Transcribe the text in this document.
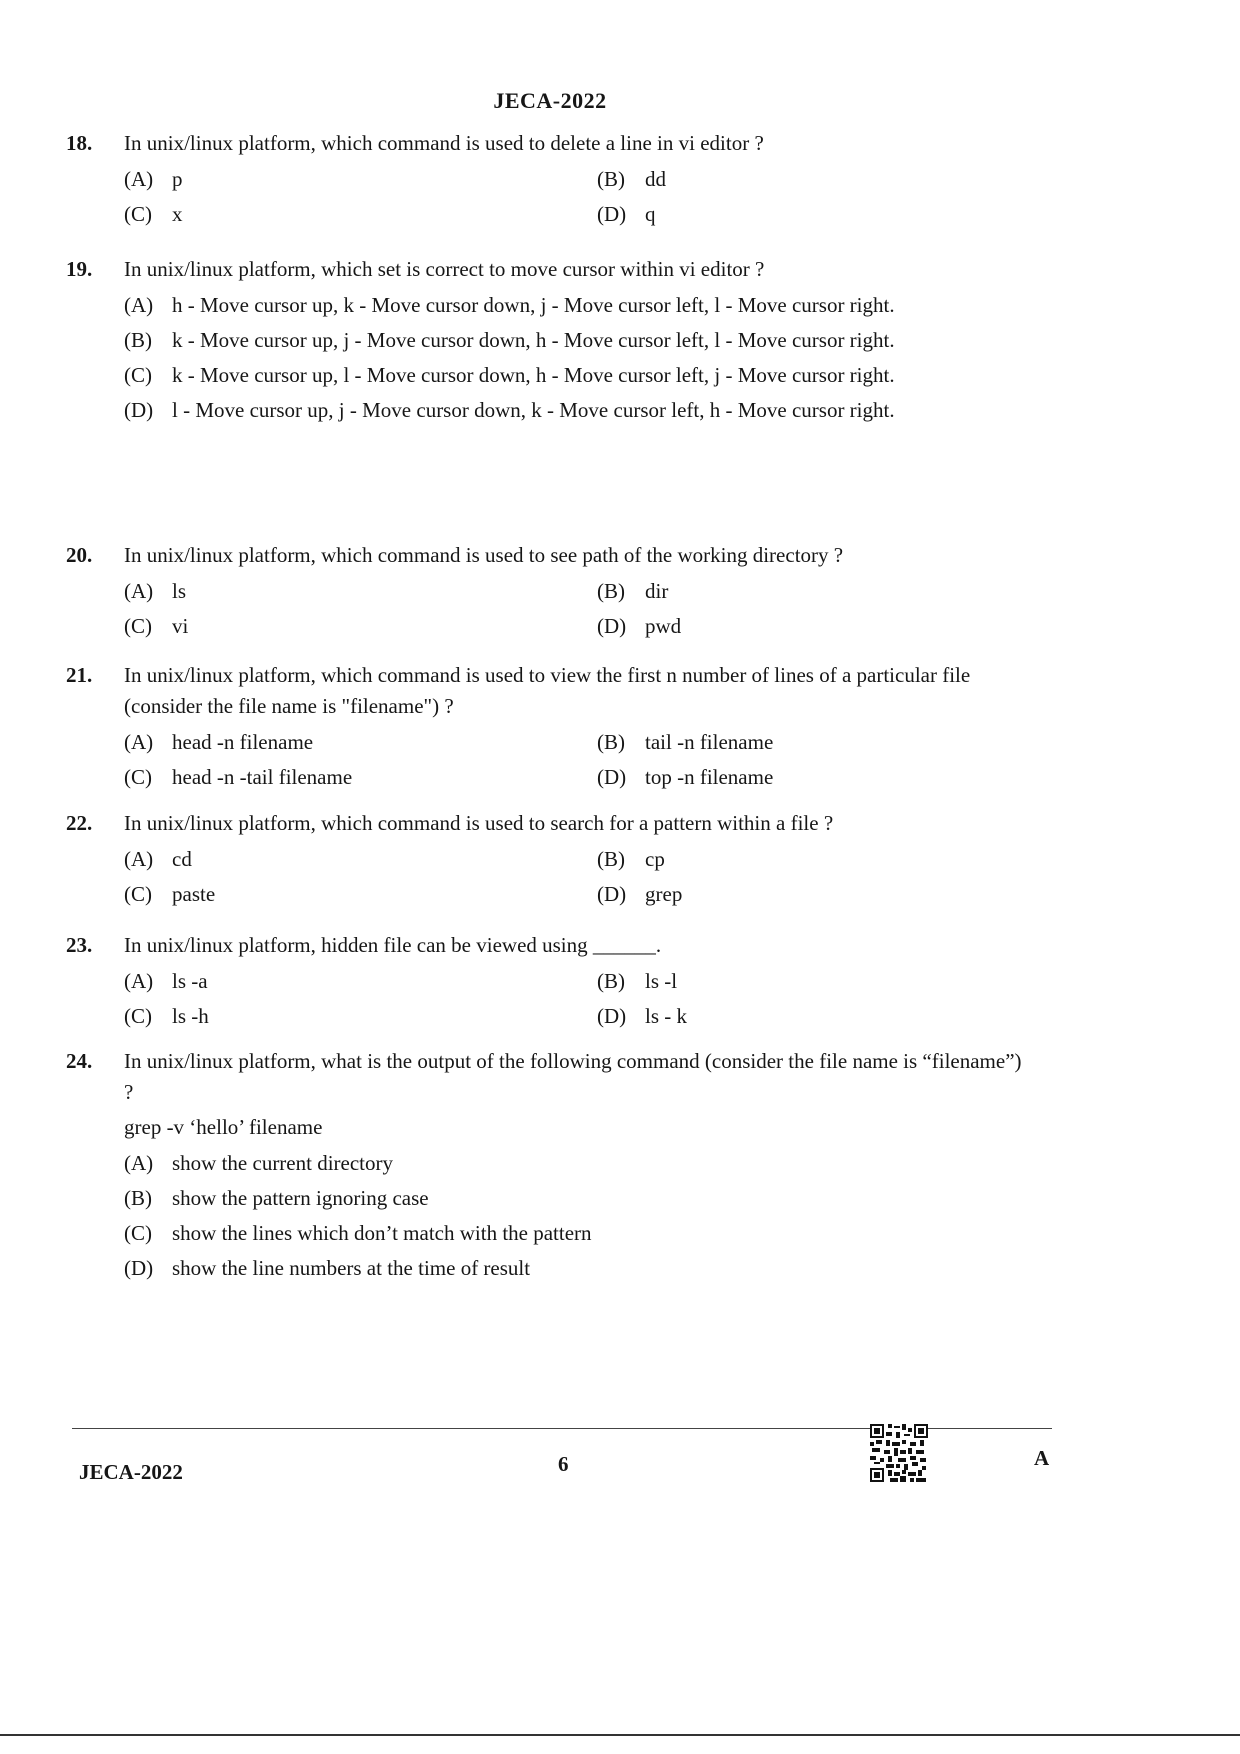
JECA-2022
18. In unix/linux platform, which command is used to delete a line in vi editor ?
(A) p	(B) dd
(C) x	(D) q
19. In unix/linux platform, which set is correct to move cursor within vi editor ?
(A) h - Move cursor up, k - Move cursor down, j - Move cursor left, l - Move cursor right.
(B) k - Move cursor up, j - Move cursor down, h - Move cursor left, l - Move cursor right.
(C) k - Move cursor up, l - Move cursor down, h - Move cursor left, j - Move cursor right.
(D) l - Move cursor up, j - Move cursor down, k - Move cursor left, h - Move cursor right.
20. In unix/linux platform, which command is used to see path of the working directory ?
(A) ls	(B) dir
(C) vi	(D) pwd
21. In unix/linux platform, which command is used to view the first n number of lines of a particular file (consider the file name is "filename") ?
(A) head -n filename	(B) tail -n filename
(C) head -n -tail filename	(D) top -n filename
22. In unix/linux platform, which command is used to search for a pattern within a file ?
(A) cd	(B) cp
(C) paste	(D) grep
23. In unix/linux platform, hidden file can be viewed using ______.
(A) ls -a	(B) ls -l
(C) ls -h	(D) ls - k
24. In unix/linux platform, what is the output of the following command (consider the file name is “filename”) ?
grep -v ‘hello’ filename
(A) show the current directory
(B) show the pattern ignoring case
(C) show the lines which don’t match with the pattern
(D) show the line numbers at the time of result
JECA-2022	6	A
